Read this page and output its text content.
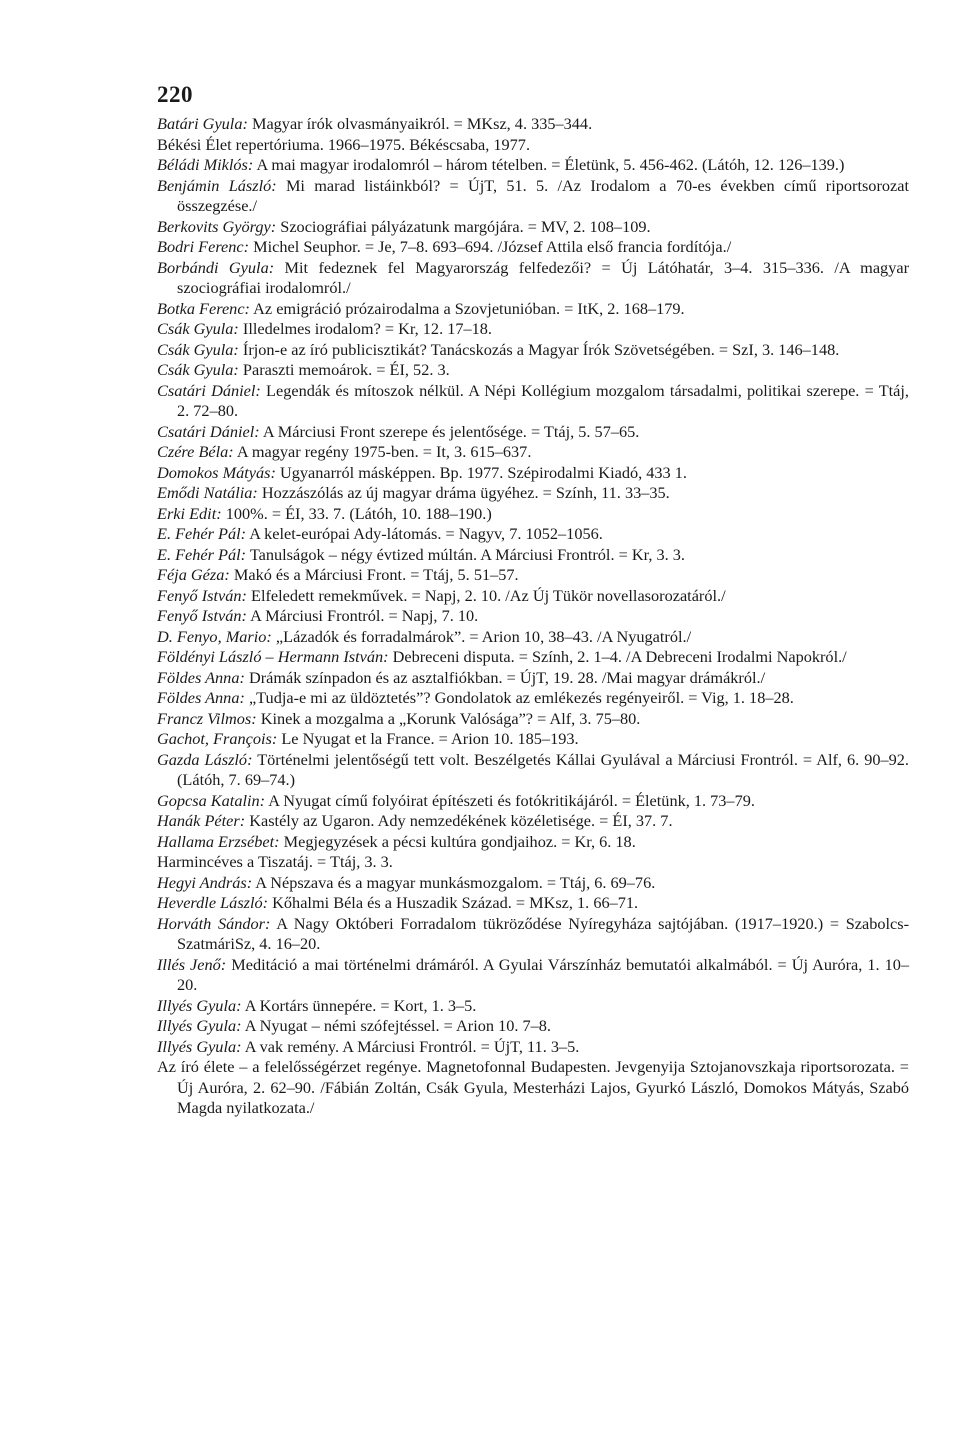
220

Batári Gyula: Magyar írók olvasmányaikról. = MKsz, 4. 335–344.

Békési Élet repertóriuma. 1966–1975. Békéscsaba, 1977.

Béládi Miklós: A mai magyar irodalomról – három tételben. = Életünk, 5. 456-462. (Látóh, 12. 126–139.)

Benjámin László: Mi marad listáinkból? = ÚjT, 51. 5. /Az Irodalom a 70-es években című riportsorozat összegzése./

Berkovits György: Szociográfiai pályázatunk margójára. = MV, 2. 108–109.

Bodri Ferenc: Michel Seuphor. = Je, 7–8. 693–694. /József Attila első francia fordítója./

Borbándi Gyula: Mit fedeznek fel Magyarország felfedezői? = Új Látóhatár, 3–4. 315–336. /A magyar szociográfiai irodalomról./

Botka Ferenc: Az emigráció prózairodalma a Szovjetunióban. = ItK, 2. 168–179.

Csák Gyula: Illedelmes irodalom? = Kr, 12. 17–18.

Csák Gyula: Írjon-e az író publicisztikát? Tanácskozás a Magyar Írók Szövetségében. = SzI, 3. 146–148.

Csák Gyula: Paraszti memoárok. = ÉI, 52. 3.

Csatári Dániel: Legendák és mítoszok nélkül. A Népi Kollégium mozgalom társadalmi, politikai szerepe. = Ttáj, 2. 72–80.

Csatári Dániel: A Márciusi Front szerepe és jelentősége. = Ttáj, 5. 57–65.

Czére Béla: A magyar regény 1975-ben. = It, 3. 615–637.

Domokos Mátyás: Ugyanarról másképpen. Bp. 1977. Szépirodalmi Kiadó, 433 1.

Emődi Natália: Hozzászólás az új magyar dráma ügyéhez. = Szính, 11. 33–35.

Erki Edit: 100%. = ÉI, 33. 7. (Látóh, 10. 188–190.)

E. Fehér Pál: A kelet-európai Ady-látomás. = Nagyv, 7. 1052–1056.

E. Fehér Pál: Tanulságok – négy évtized múltán. A Márciusi Frontról. = Kr, 3. 3.

Féja Géza: Makó és a Márciusi Front. = Ttáj, 5. 51–57.

Fenyő István: Elfeledett remekművek. = Napj, 2. 10. /Az Új Tükör novellasorozatáról./

Fenyő István: A Márciusi Frontról. = Napj, 7. 10.

D. Fenyo, Mario: „Lázadók és forradalmárok”. = Arion 10, 38–43. /A Nyugatról./

Földényi László – Hermann István: Debreceni disputa. = Szính, 2. 1–4. /A Debreceni Irodalmi Napokról./

Földes Anna: Drámák színpadon és az asztalfiókban. = ÚjT, 19. 28. /Mai magyar drámákról./

Földes Anna: „Tudja-e mi az üldöztetés”? Gondolatok az emlékezés regényeiről. = Vig, 1. 18–28.

Francz Vilmos: Kinek a mozgalma a „Korunk Valósága”? = Alf, 3. 75–80.

Gachot, François: Le Nyugat et la France. = Arion 10. 185–193.

Gazda László: Történelmi jelentőségű tett volt. Beszélgetés Kállai Gyulával a Márciusi Frontról. = Alf, 6. 90–92. (Látóh, 7. 69–74.)

Gopcsa Katalin: A Nyugat című folyóirat építészeti és fotókritikájáról. = Életünk, 1. 73–79.

Hanák Péter: Kastély az Ugaron. Ady nemzedékének közéletisége. = ÉI, 37. 7.

Hallama Erzsébet: Megjegyzések a pécsi kultúra gondjaihoz. = Kr, 6. 18.

Harmincéves a Tiszatáj. = Ttáj, 3. 3.

Hegyi András: A Népszava és a magyar munkásmozgalom. = Ttáj, 6. 69–76.

Heverdle László: Kőhalmi Béla és a Huszadik Század. = MKsz, 1. 66–71.

Horváth Sándor: A Nagy Októberi Forradalom tükröződése Nyíregyháza sajtójában. (1917–1920.) = Szabolcs-SzatmáriSz, 4. 16–20.

Illés Jenő: Meditáció a mai történelmi drámáról. A Gyulai Várszínház bemutatói alkalmából. = Új Auróra, 1. 10–20.

Illyés Gyula: A Kortárs ünnepére. = Kort, 1. 3–5.

Illyés Gyula: A Nyugat – némi szófejtéssel. = Arion 10. 7–8.

Illyés Gyula: A vak remény. A Márciusi Frontról. = ÚjT, 11. 3–5.

Az író élete – a felelősségérzet regénye. Magnetofonnal Budapesten. Jevgenyija Sztojanovszkaja riportsorozata. = Új Auróra, 2. 62–90. /Fábián Zoltán, Csák Gyula, Mesterházi Lajos, Gyurkó László, Domokos Mátyás, Szabó Magda nyilatkozata./
